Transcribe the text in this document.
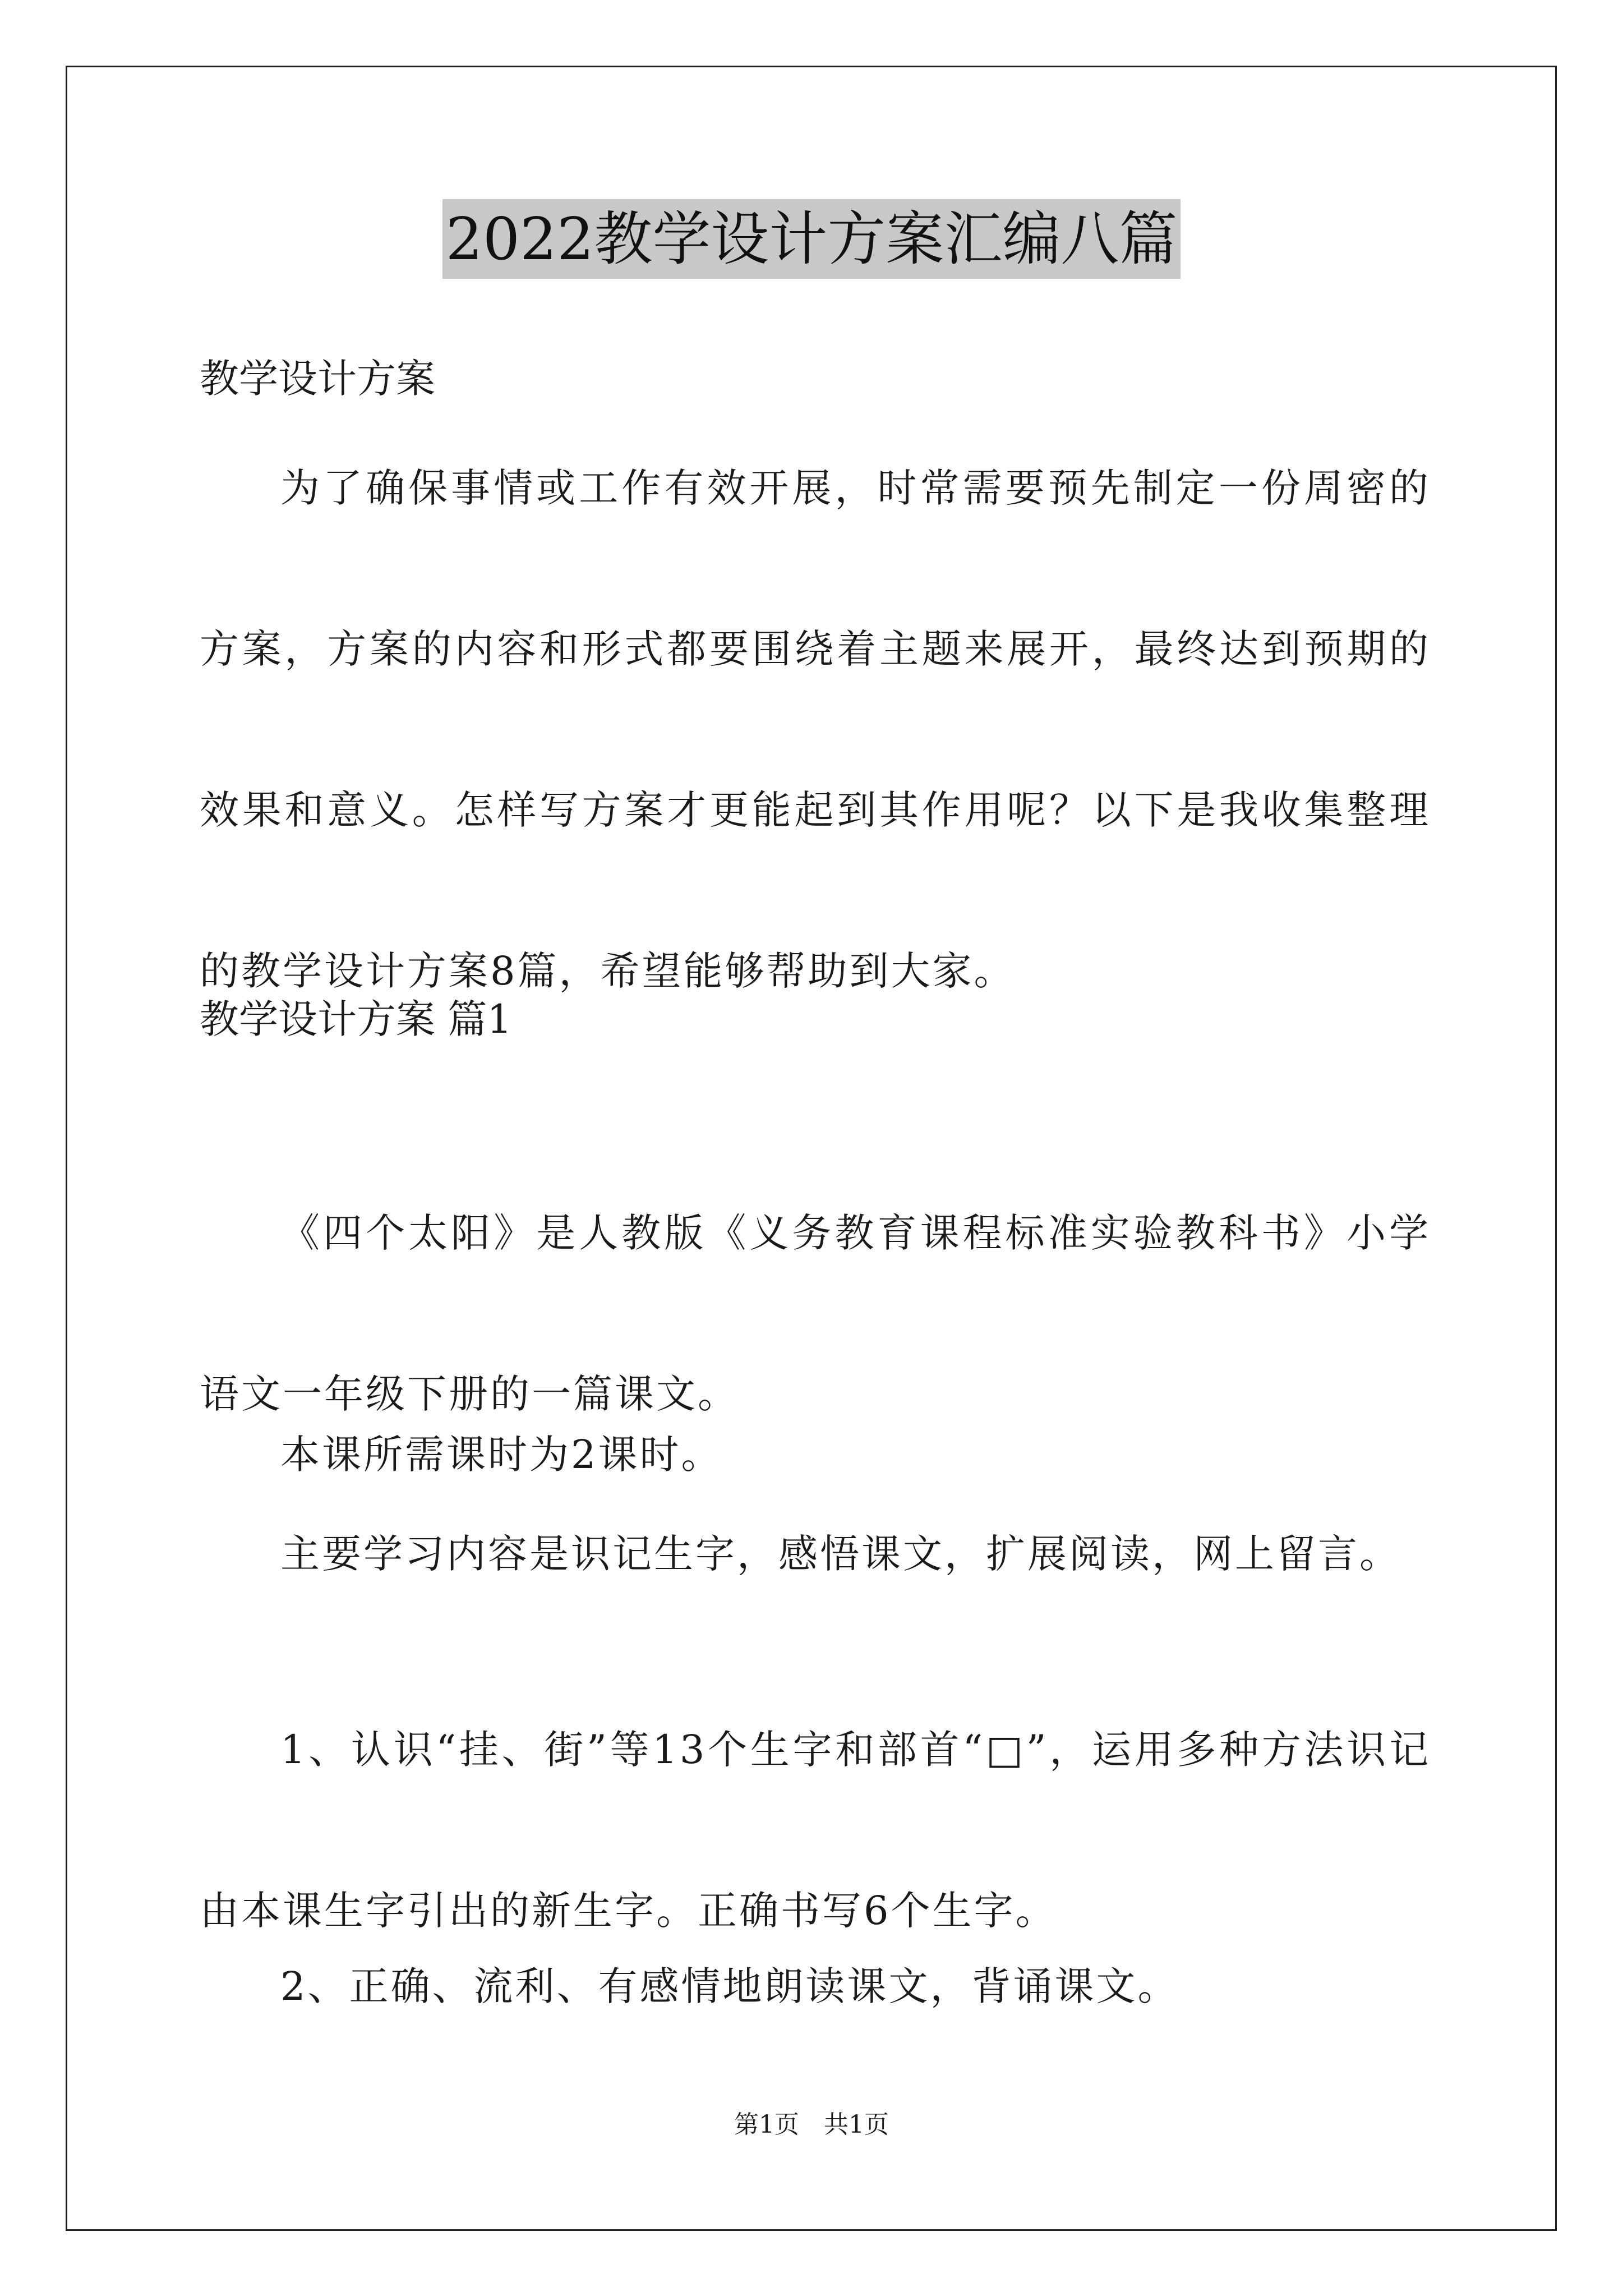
2022教学设计方案汇编八篇
教学设计方案
为了确保事情或工作有效开展，时常需要预先制定一份周密的方案，方案的内容和形式都要围绕着主题来展开，最终达到预期的效果和意义。怎样写方案才更能起到其作用呢？以下是我收集整理的教学设计方案8篇，希望能够帮助到大家。
教学设计方案 篇1
《四个太阳》是人教版《义务教育课程标准实验教科书》小学语文一年级下册的一篇课文。
本课所需课时为2课时。
主要学习内容是识记生字，感悟课文，扩展阅读，网上留言。
1、认识“挂、街”等13个生字和部首“□”，运用多种方法识记由本课生字引出的新生字。正确书写6个生字。
2、正确、流利、有感情地朗读课文，背诵课文。
第1页　共1页
